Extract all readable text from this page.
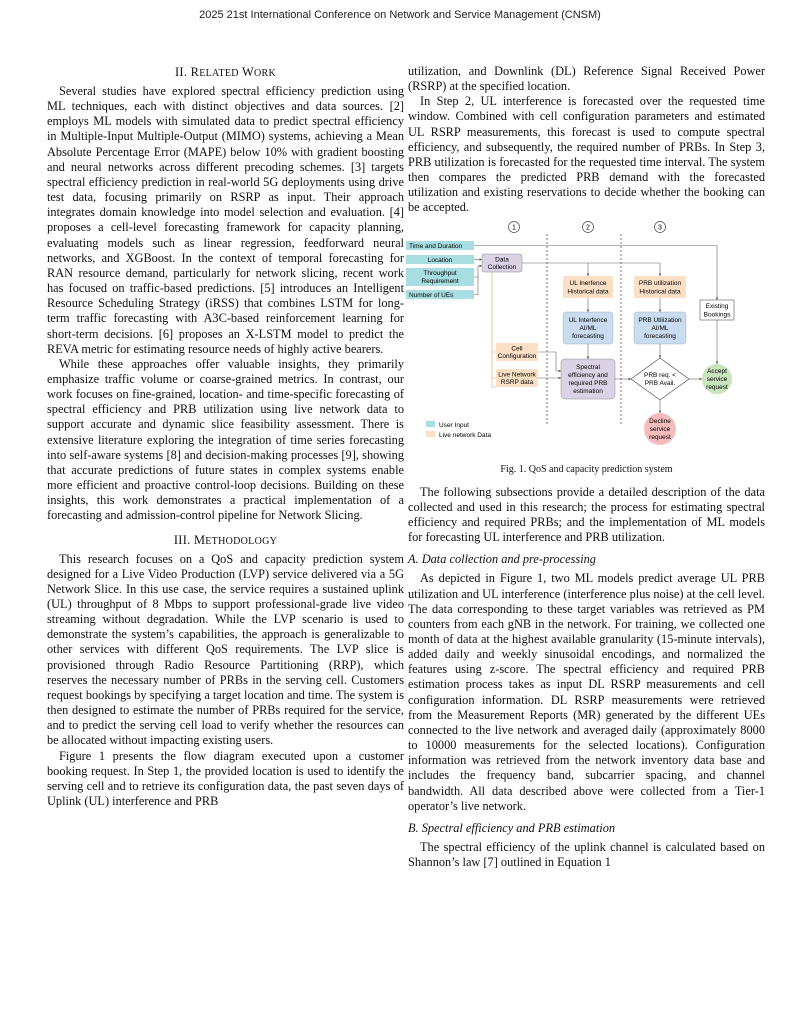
2025 21st International Conference on Network and Service Management (CNSM)
II. RELATED WORK

Several studies have explored spectral efficiency prediction using ML techniques, each with distinct objectives and data sources. [2] employs ML models with simulated data to predict spectral efficiency in Multiple-Input Multiple-Output (MIMO) systems, achieving a Mean Absolute Percentage Error (MAPE) below 10% with gradient boosting and neural networks across different precoding schemes. [3] targets spectral efficiency prediction in real-world 5G deployments using drive test data, focusing primarily on RSRP as input. Their approach integrates domain knowledge into model selection and evaluation. [4] proposes a cell-level forecasting framework for capacity planning, evaluating models such as linear regression, feedforward neural networks, and XGBoost. In the context of temporal forecasting for RAN resource demand, particularly for network slicing, recent work has focused on traffic-based predictions. [5] introduces an Intelligent Resource Scheduling Strategy (iRSS) that combines LSTM for long-term traffic forecasting with A3C-based reinforcement learning for short-term decisions. [6] proposes an X-LSTM model to predict the REVA metric for estimating resource needs of highly active bearers.

While these approaches offer valuable insights, they primarily emphasize traffic volume or coarse-grained metrics. In contrast, our work focuses on fine-grained, location- and time-specific forecasting of spectral efficiency and PRB utilization using live network data to support accurate and dynamic slice feasibility assessment. There is extensive literature exploring the integration of time series forecasting into self-aware systems [8] and decision-making processes [9], showing that accurate predictions of future states in complex systems enable more efficient and proactive control-loop decisions. Building on these insights, this work demonstrates a practical implementation of a forecasting and admission-control pipeline for Network Slicing.

III. METHODOLOGY

This research focuses on a QoS and capacity prediction system designed for a Live Video Production (LVP) service delivered via a 5G Network Slice. In this use case, the service requires a sustained uplink (UL) throughput of 8 Mbps to support professional-grade live video streaming without degradation. While the LVP scenario is used to demonstrate the system’s capabilities, the approach is generalizable to other services with different QoS requirements. The LVP slice is provisioned through Radio Resource Partitioning (RRP), which reserves the necessary number of PRBs in the serving cell. Customers request bookings by specifying a target location and time. The system is then designed to estimate the number of PRBs required for the service, and to predict the serving cell load to verify whether the resources can be allocated without impacting existing users.

Figure 1 presents the flow diagram executed upon a customer booking request. In Step 1, the provided location is used to identify the serving cell and to retrieve its configuration data, the past seven days of Uplink (UL) interference and PRB

utilization, and Downlink (DL) Reference Signal Received Power (RSRP) at the specified location.

In Step 2, UL interference is forecasted over the requested time window. Combined with cell configuration parameters and estimated UL RSRP measurements, this forecast is used to compute spectral efficiency, and subsequently, the required number of PRBs. In Step 3, PRB utilization is forecasted for the requested time interval. The system then compares the predicted PRB demand with the forecasted utilization and existing reservations to decide whether the booking can be accepted.

1	2	3
Time and Duration
Location
Throughput
Requirement
Number of UEs
Data
Collection
Cell
Configuration
Live Network
RSRP data
UL Inerfence
Historical data
UL Interfence
AI/ML
forecasting
Spectral
efficiency and
required PRB
estimation
PRB utilization
Historical data
PRB Utilization
AI/ML
forecasting
PRB req. <
PRB Avail.
Existing
Bookings
Accept
service
request
Decline
service
request
User Input
Live network Data
Fig. 1. QoS and capacity prediction system

The following subsections provide a detailed description of the data collected and used in this research; the process for estimating spectral efficiency and required PRBs; and the implementation of ML models for forecasting UL interference and PRB utilization.

A. Data collection and pre-processing

As depicted in Figure 1, two ML models predict average UL PRB utilization and UL interference (interference plus noise) at the cell level. The data corresponding to these target variables was retrieved as PM counters from each gNB in the network. For training, we collected one month of data at the highest available granularity (15-minute intervals), added daily and weekly sinusoidal encodings, and normalized the features using z-score. The spectral efficiency and required PRB estimation process takes as input DL RSRP measurements and cell configuration information. DL RSRP measurements were retrieved from the Measurement Reports (MR) generated by the different UEs connected to the live network and averaged daily (approximately 8000 to 10000 measurements for the selected locations). Configuration information was retrieved from the network inventory data base and includes the frequency band, subcarrier spacing, and channel bandwidth. All data described above were collected from a Tier-1 operator’s live network.

B. Spectral efficiency and PRB estimation

The spectral efficiency of the uplink channel is calculated based on Shannon’s law [7] outlined in Equation 1
